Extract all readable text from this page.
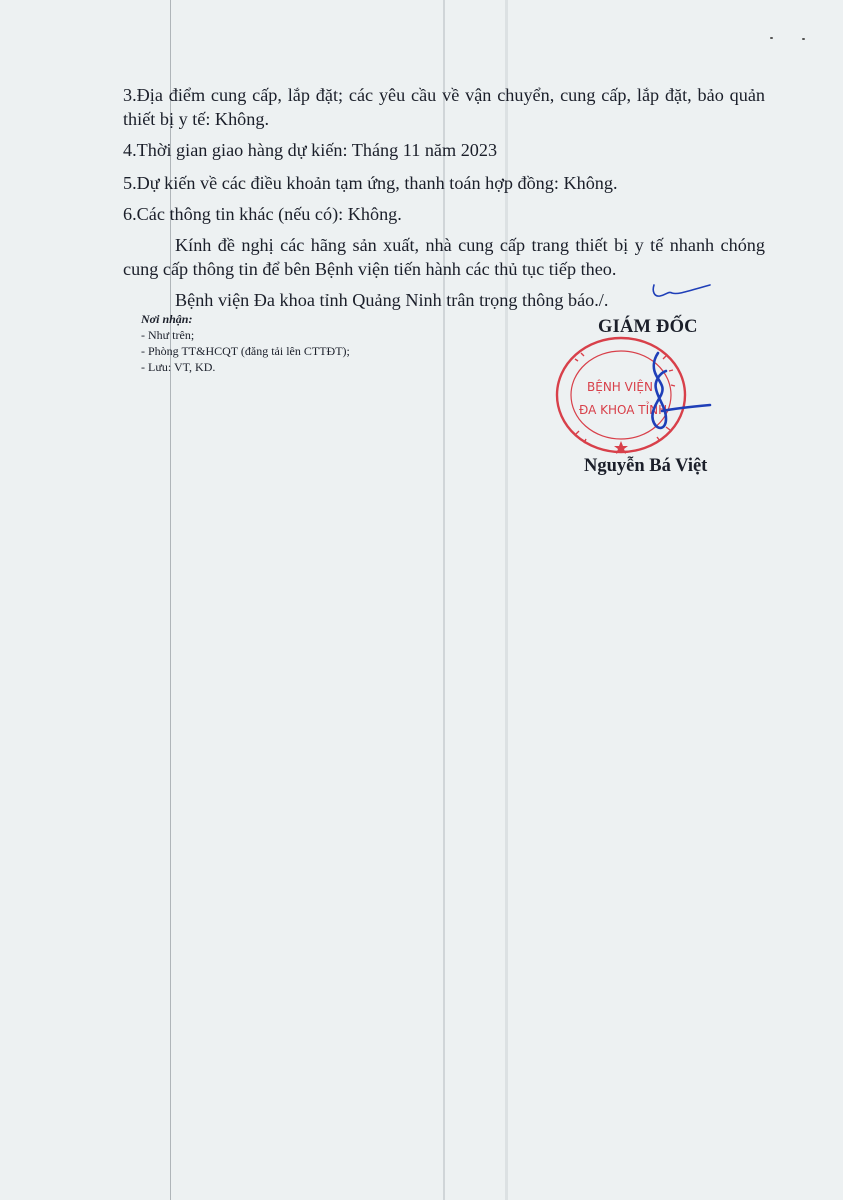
3.Địa điểm cung cấp, lắp đặt; các yêu cầu về vận chuyển, cung cấp, lắp đặt, bảo quản thiết bị y tế: Không.

4.Thời gian giao hàng dự kiến: Tháng 11 năm 2023

5.Dự kiến về các điều khoản tạm ứng, thanh toán hợp đồng: Không.

6.Các thông tin khác (nếu có): Không.

Kính đề nghị các hãng sản xuất, nhà cung cấp trang thiết bị y tế nhanh chóng cung cấp thông tin để bên Bệnh viện tiến hành các thủ tục tiếp theo.

Bệnh viện Đa khoa tỉnh Quảng Ninh trân trọng thông báo./.

Nơi nhận:
- Như trên;
- Phòng TT&HCQT (đăng tải lên CTTĐT);
- Lưu: VT, KD.
GIÁM ĐỐC
BỆNH VIỆN
ĐA KHOA TỈNH
Nguyễn Bá Việt
